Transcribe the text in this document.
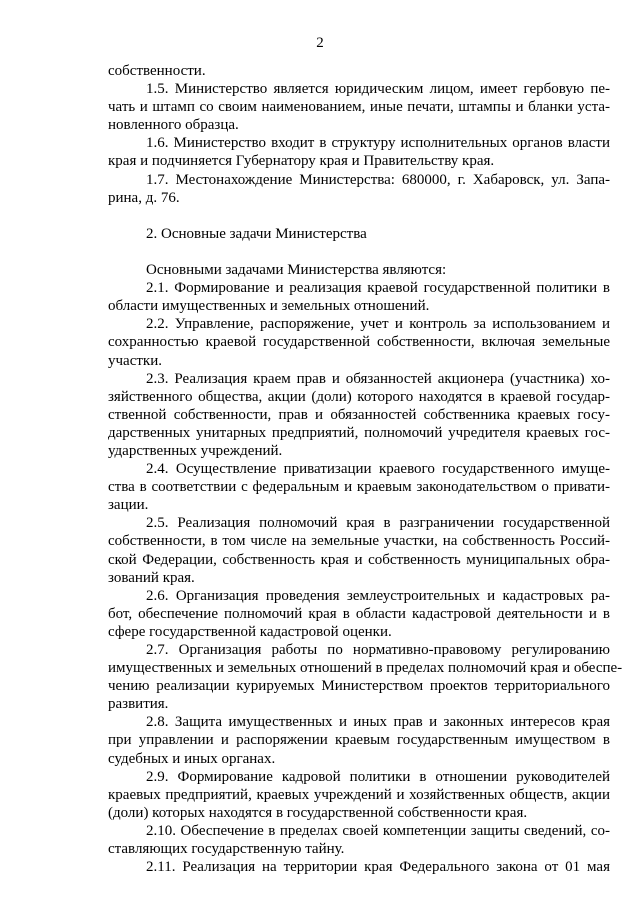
2
собственности.
1.5. Министерство является юридическим лицом, имеет гербовую пе-
чать и штамп со своим наименованием, иные печати, штампы и бланки уста-
новленного образца.
1.6. Министерство входит в структуру исполнительных органов власти
края и подчиняется Губернатору края и Правительству края.
1.7. Местонахождение Министерства: 680000, г. Хабаровск, ул. Запа-
рина, д. 76.
2. Основные задачи Министерства
Основными задачами Министерства являются:
2.1. Формирование и реализация краевой государственной политики в
области имущественных и земельных отношений.
2.2. Управление, распоряжение, учет и контроль за использованием и
сохранностью краевой государственной собственности, включая земельные
участки.
2.3. Реализация краем прав и обязанностей акционера (участника) хо-
зяйственного общества, акции (доли) которого находятся в краевой государ-
ственной собственности, прав и обязанностей собственника краевых госу-
дарственных унитарных предприятий, полномочий учредителя краевых гос-
ударственных учреждений.
2.4. Осуществление приватизации краевого государственного имуще-
ства в соответствии с федеральным и краевым законодательством о привати-
зации.
2.5. Реализация полномочий края в разграничении государственной
собственности, в том числе на земельные участки, на собственность Россий-
ской Федерации, собственность края и собственность муниципальных обра-
зований края.
2.6. Организация проведения землеустроительных и кадастровых ра-
бот, обеспечение полномочий края в области кадастровой деятельности и в
сфере государственной кадастровой оценки.
2.7. Организация работы по нормативно-правовому регулированию
имущественных и земельных отношений в пределах полномочий края и обеспе-
чению реализации курируемых Министерством проектов территориального
развития.
2.8. Защита имущественных и иных прав и законных интересов края
при управлении и распоряжении краевым государственным имуществом в
судебных и иных органах.
2.9. Формирование кадровой политики в отношении руководителей
краевых предприятий, краевых учреждений и хозяйственных обществ, акции
(доли) которых находятся в государственной собственности края.
2.10. Обеспечение в пределах своей компетенции защиты сведений, со-
ставляющих государственную тайну.
2.11. Реализация на территории края Федерального закона от 01 мая
